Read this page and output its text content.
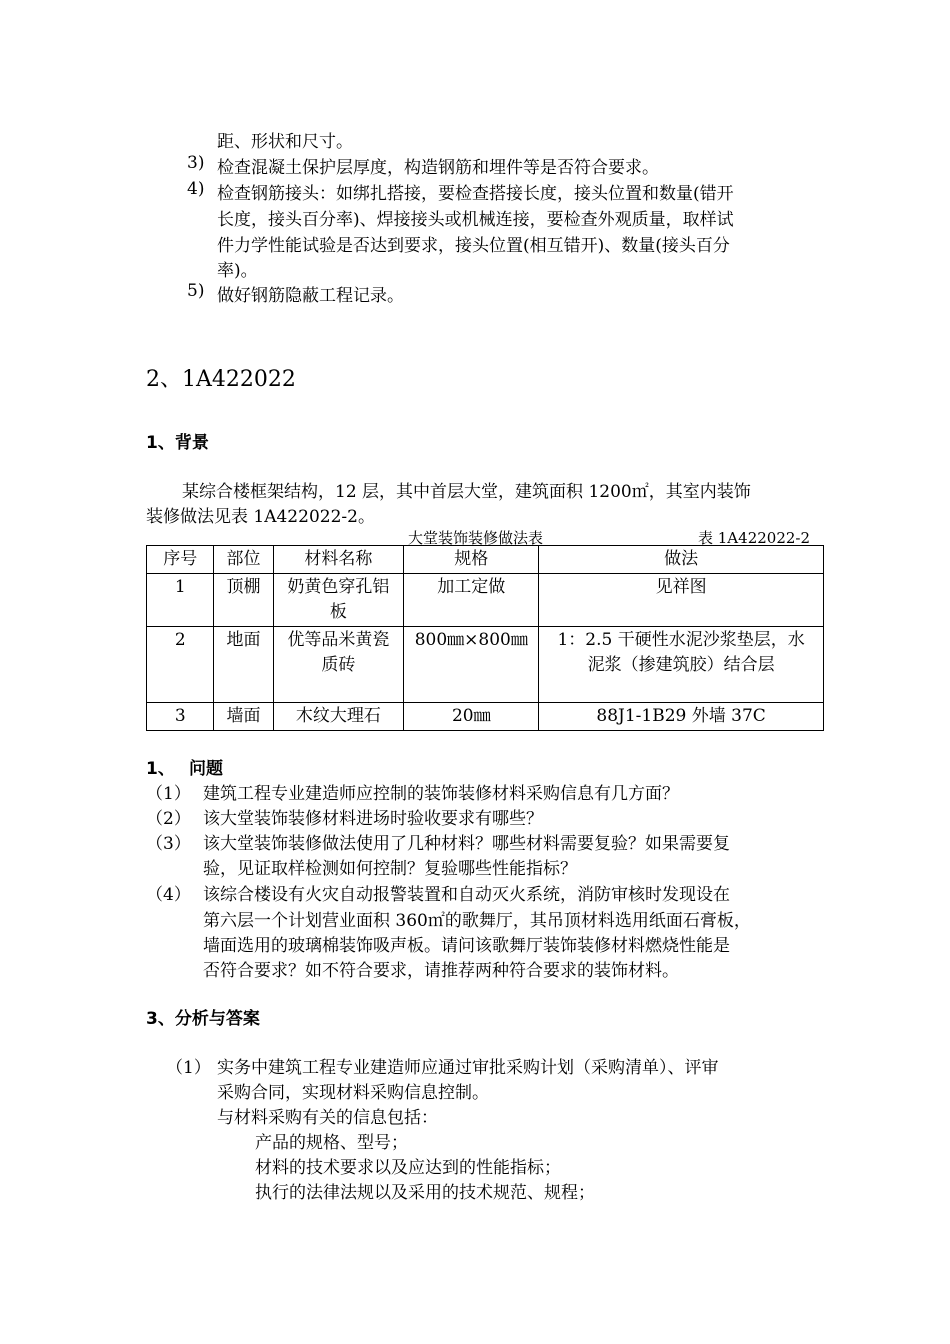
距、形状和尺寸。
3) 检查混凝土保护层厚度，构造钢筋和埋件等是否符合要求。
4) 检查钢筋接头：如绑扎搭接，要检查搭接长度，接头位置和数量(错开
长度，接头百分率)、焊接接头或机械连接，要检查外观质量，取样试
件力学性能试验是否达到要求，接头位置(相互错开)、数量(接头百分
率)。
5) 做好钢筋隐蔽工程记录。
2、1A422022
1、背景
某综合楼框架结构，12 层，其中首层大堂，建筑面积 1200㎡，其室内装饰
装修做法见表 1A422022-2。
大堂装饰装修做法表	表 1A422022-2
序号	部位	材料名称	规格	做法
1	顶棚	奶黄色穿孔铝板	加工定做	见祥图
2	地面	优等品米黄瓷质砖	800㎜×800㎜	1：2.5 干硬性水泥沙浆垫层，水泥浆（掺建筑胶）结合层
3	墙面	木纹大理石	20㎜	88J1-1B29 外墙 37C
1、 问题
（1） 建筑工程专业建造师应控制的装饰装修材料采购信息有几方面？
（2） 该大堂装饰装修材料进场时验收要求有哪些？
（3） 该大堂装饰装修做法使用了几种材料？哪些材料需要复验？如果需要复
验，见证取样检测如何控制？复验哪些性能指标？
（4） 该综合楼设有火灾自动报警装置和自动灭火系统，消防审核时发现设在
第六层一个计划营业面积 360㎡的歌舞厅，其吊顶材料选用纸面石膏板，
墙面选用的玻璃棉装饰吸声板。请问该歌舞厅装饰装修材料燃烧性能是
否符合要求？如不符合要求，请推荐两种符合要求的装饰材料。
3、分析与答案
（1） 实务中建筑工程专业建造师应通过审批采购计划（采购清单）、评审
采购合同，实现材料采购信息控制。
与材料采购有关的信息包括：
产品的规格、型号；
材料的技术要求以及应达到的性能指标；
执行的法律法规以及采用的技术规范、规程；
